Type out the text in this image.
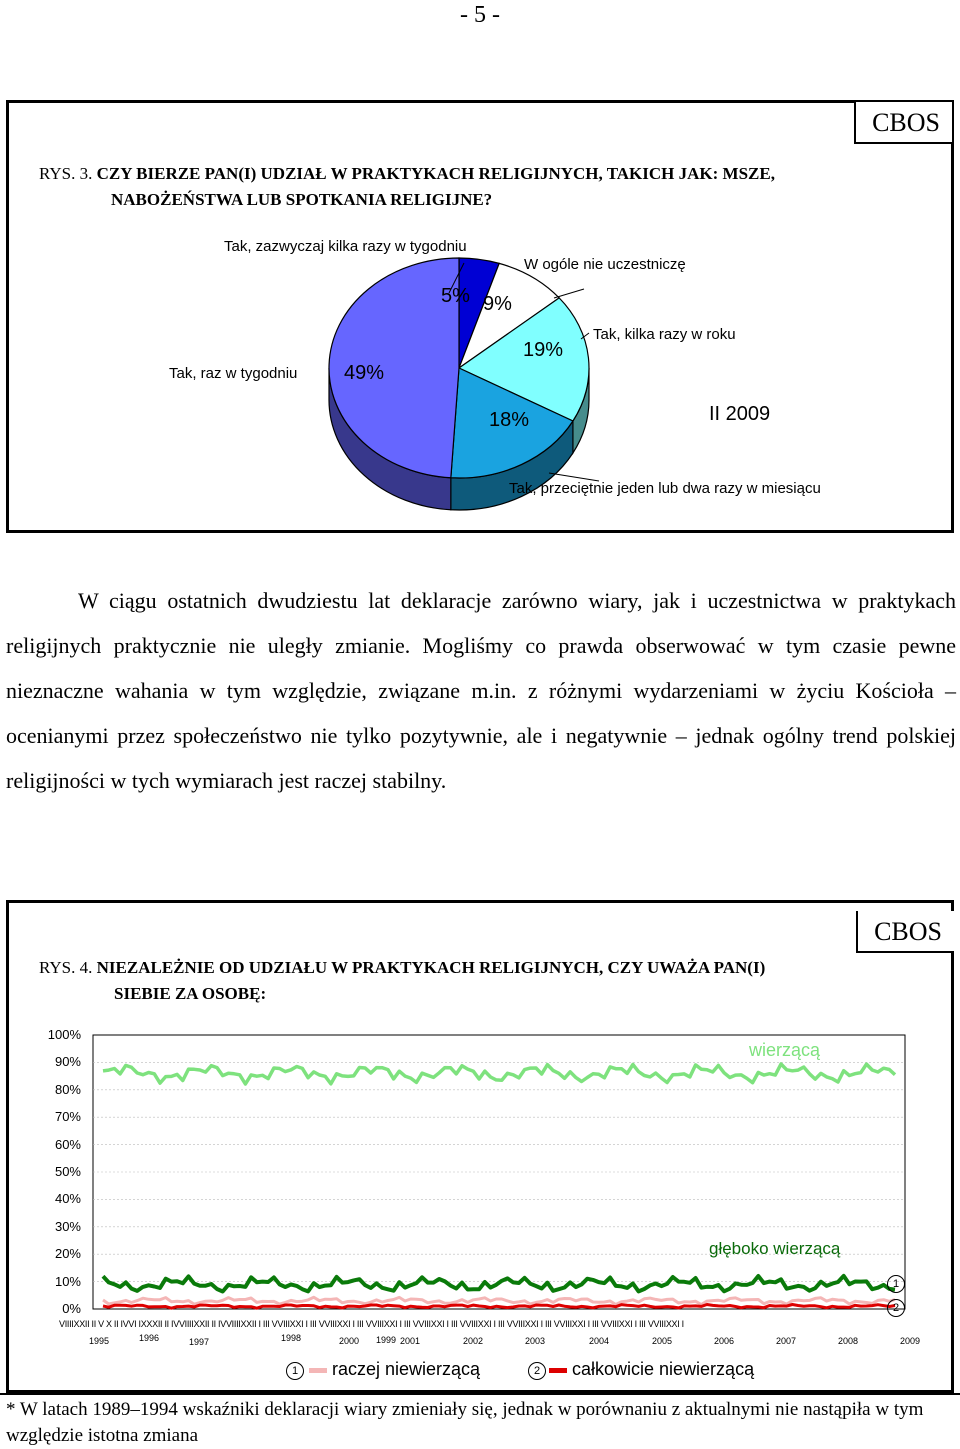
- 5 -
CBOS
RYS. 3. CZY BIERZE PAN(I) UDZIAŁ W PRAKTYKACH RELIGIJNYCH, TAKICH JAK: MSZE,
NABOŻEŃSTWA LUB SPOTKANIA RELIGIJNE?
Tak, zazwyczaj kilka razy w tygodniu
W ogóle nie uczestniczę
Tak, kilka razy w roku
Tak, przeciętnie jeden lub dwa razy w miesiącu
Tak, raz w tygodniu
5% 9%
19%
18%
49%
II 2009

W ciągu ostatnich dwudziestu lat deklaracje zarówno wiary, jak i uczestnictwa w praktykach religijnych praktycznie nie uległy zmianie. Mogliśmy co prawda obserwować w tym czasie pewne nieznaczne wahania w tym względzie, związane m.in. z różnymi wydarzeniami w życiu Kościoła – ocenianymi przez społeczeństwo nie tylko pozytywnie, ale i negatywnie – jednak ogólny trend polskiej religijności w tych wymiarach jest raczej stabilny.

CBOS
RYS. 4. NIEZALEŻNIE OD UDZIAŁU W PRAKTYKACH RELIGIJNYCH, CZY UWAŻA PAN(I)
SIEBIE ZA OSOBĘ:
100%
90%
80%
70%
60%
50%
40%
30%
20%
10%
0%
VIIIIXXII II V X II IVVI IXXXII II IVVIIIIXXII II IVVIIIIXXII I III VVIIIXXI I III VVIIIXXI I III VVIIIXXI I III VVIIIXXI I III VVIIIXXI I III VVIIIXXI I III VVIIIXXI I III VVIIIXXI I III VVIIIXXI I
1995	1996	1997	1998	2000 1999 2001	2002	2003	2004	2005	2006	2007	2008	2009
wierzącą
głęboko wierzącą
1
2
1	raczej niewierzącą	2	całkowicie niewierzącą
* W latach 1989–1994 wskaźniki deklaracji wiary zmieniały się, jednak w porównaniu z aktualnymi nie nastąpiła w tym względzie istotna zmiana
